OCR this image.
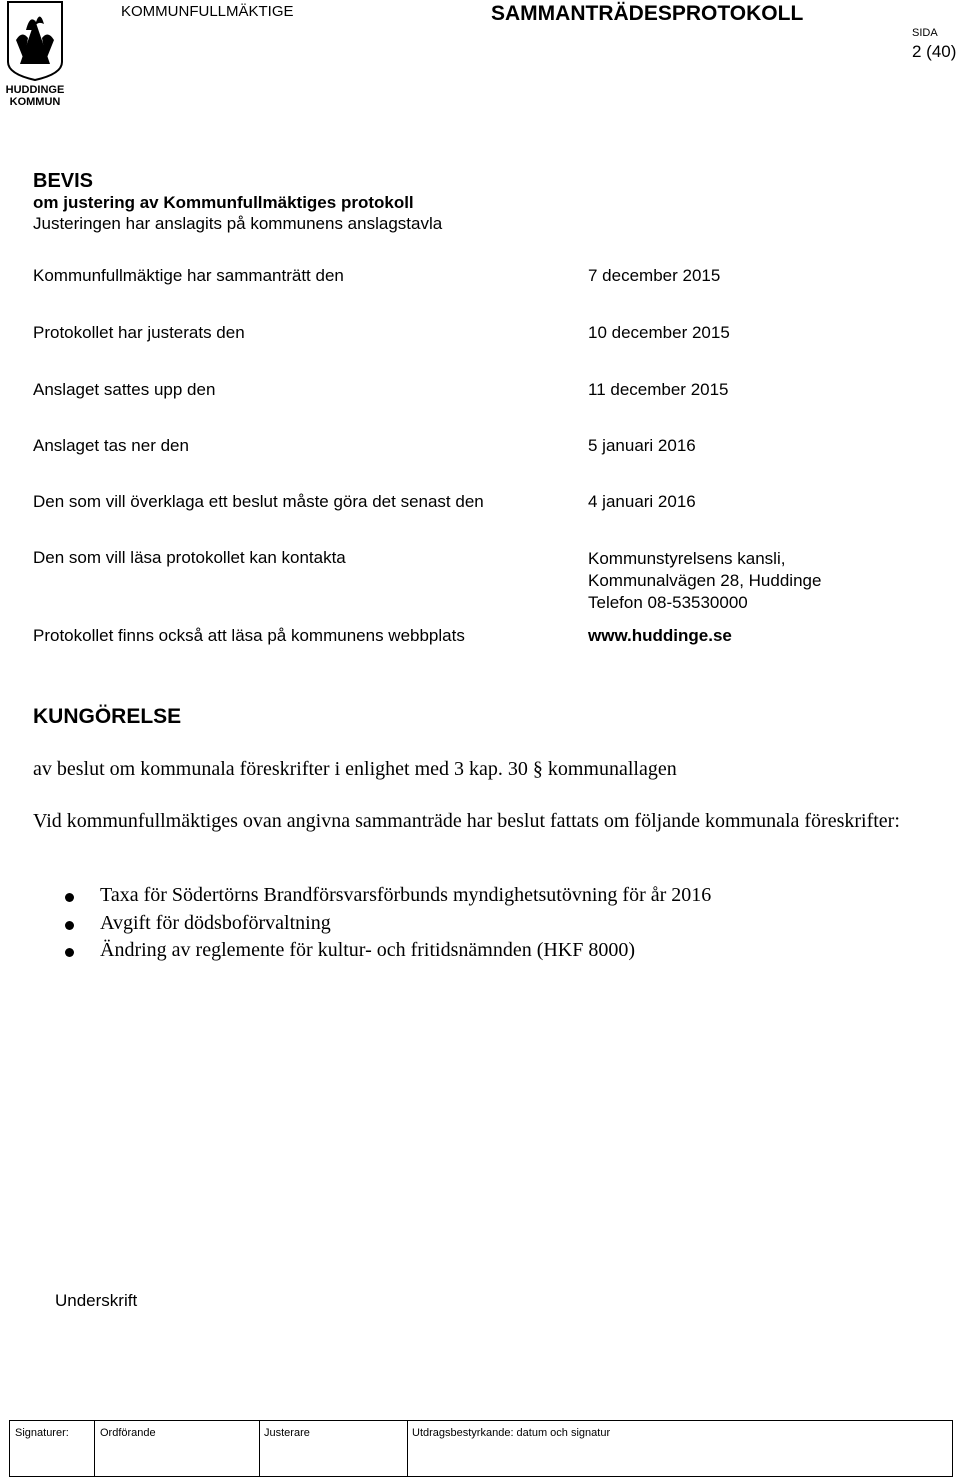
HUDDINGE
KOMMUN
KOMMUNFULLMÄKTIGE	SAMMANTRÄDESPROTOKOLL
SIDA
2 (40)
BEVIS
om justering av Kommunfullmäktiges protokoll
Justeringen har anslagits på kommunens anslagstavla
Kommunfullmäktige har sammanträtt den	7 december 2015
Protokollet har justerats den	10 december 2015
Anslaget sattes upp den	11 december 2015
Anslaget tas ner den	5 januari 2016
Den som vill överklaga ett beslut måste göra det senast den	4 januari 2016
Den som vill läsa protokollet kan kontakta	Kommunstyrelsens kansli,
Kommunalvägen 28, Huddinge
Telefon 08-53530000
Protokollet finns också att läsa på kommunens webbplats	www.huddinge.se
KUNGÖRELSE
av beslut om kommunala föreskrifter i enlighet med 3 kap. 30 § kommunallagen
Vid kommunfullmäktiges ovan angivna sammanträde har beslut fattats om följande kommunala föreskrifter:
Taxa för Södertörns Brandförsvarsförbunds myndighetsutövning för år 2016
Avgift för dödsboförvaltning
Ändring av reglemente för kultur- och fritidsnämnden (HKF 8000)
Underskrift
Signaturer:	Ordförande	Justerare	Utdragsbestyrkande: datum och signatur
